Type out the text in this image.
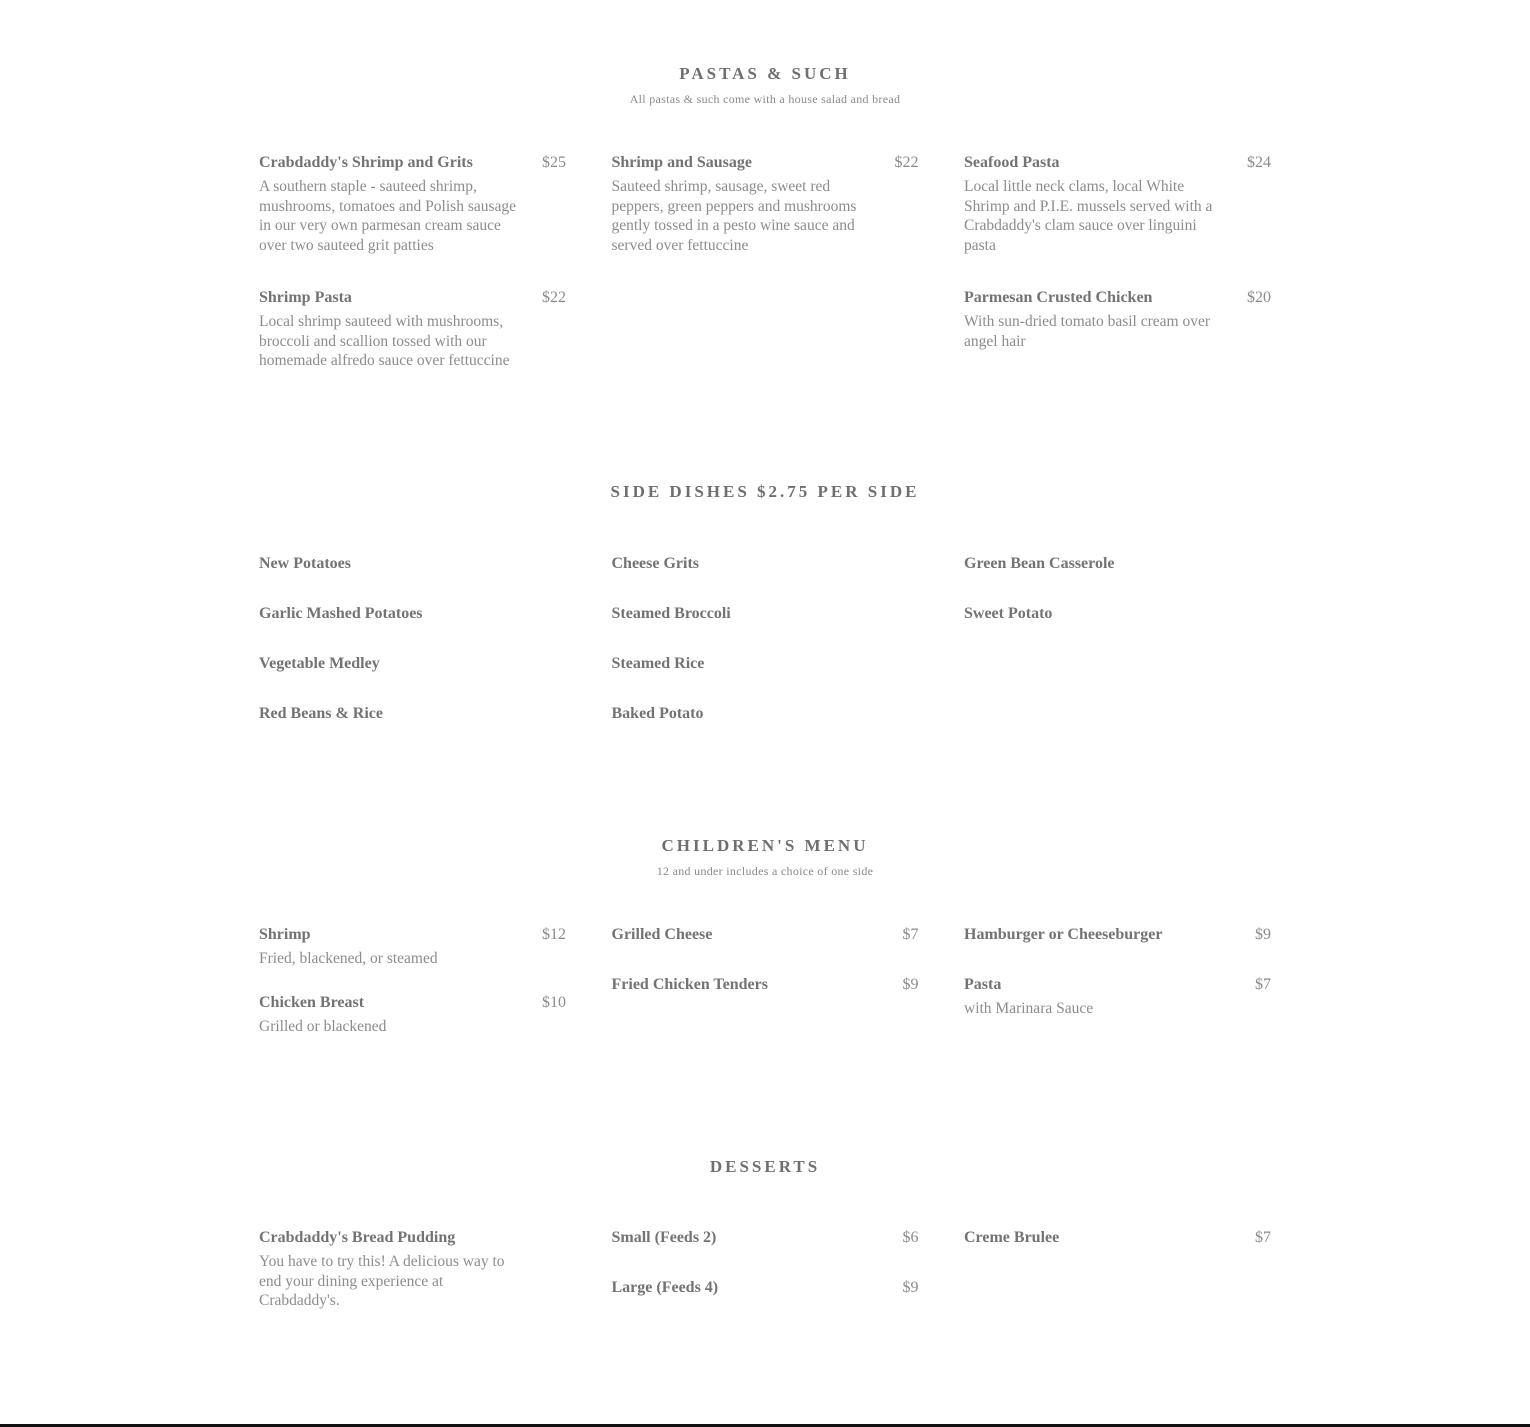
PASTAS & SUCH
All pastas & such come with a house salad and bread
Crabdaddy's Shrimp and Grits	$25
A southern staple - sauteed shrimp, mushrooms, tomatoes and Polish sausage in our very own parmesan cream sauce over two sauteed grit patties
Shrimp Pasta	$22
Local shrimp sauteed with mushrooms, broccoli and scallion tossed with our homemade alfredo sauce over fettuccine
Shrimp and Sausage	$22
Sauteed shrimp, sausage, sweet red peppers, green peppers and mushrooms gently tossed in a pesto wine sauce and served over fettuccine
Seafood Pasta	$24
Local little neck clams, local White Shrimp and P.I.E. mussels served with a Crabdaddy's clam sauce over linguini pasta
Parmesan Crusted Chicken	$20
With sun-dried tomato basil cream over angel hair
SIDE DISHES $2.75 PER SIDE
New Potatoes
Garlic Mashed Potatoes
Vegetable Medley
Red Beans & Rice
Cheese Grits
Steamed Broccoli
Steamed Rice
Baked Potato
Green Bean Casserole
Sweet Potato
CHILDREN'S MENU
12 and under includes a choice of one side
Shrimp	$12
Fried, blackened, or steamed
Chicken Breast	$10
Grilled or blackened
Grilled Cheese	$7
Fried Chicken Tenders	$9
Hamburger or Cheeseburger	$9
Pasta	$7
with Marinara Sauce
DESSERTS
Crabdaddy's Bread Pudding
You have to try this! A delicious way to end your dining experience at Crabdaddy's.
Small (Feeds 2)	$6
Large (Feeds 4)	$9
Creme Brulee	$7
